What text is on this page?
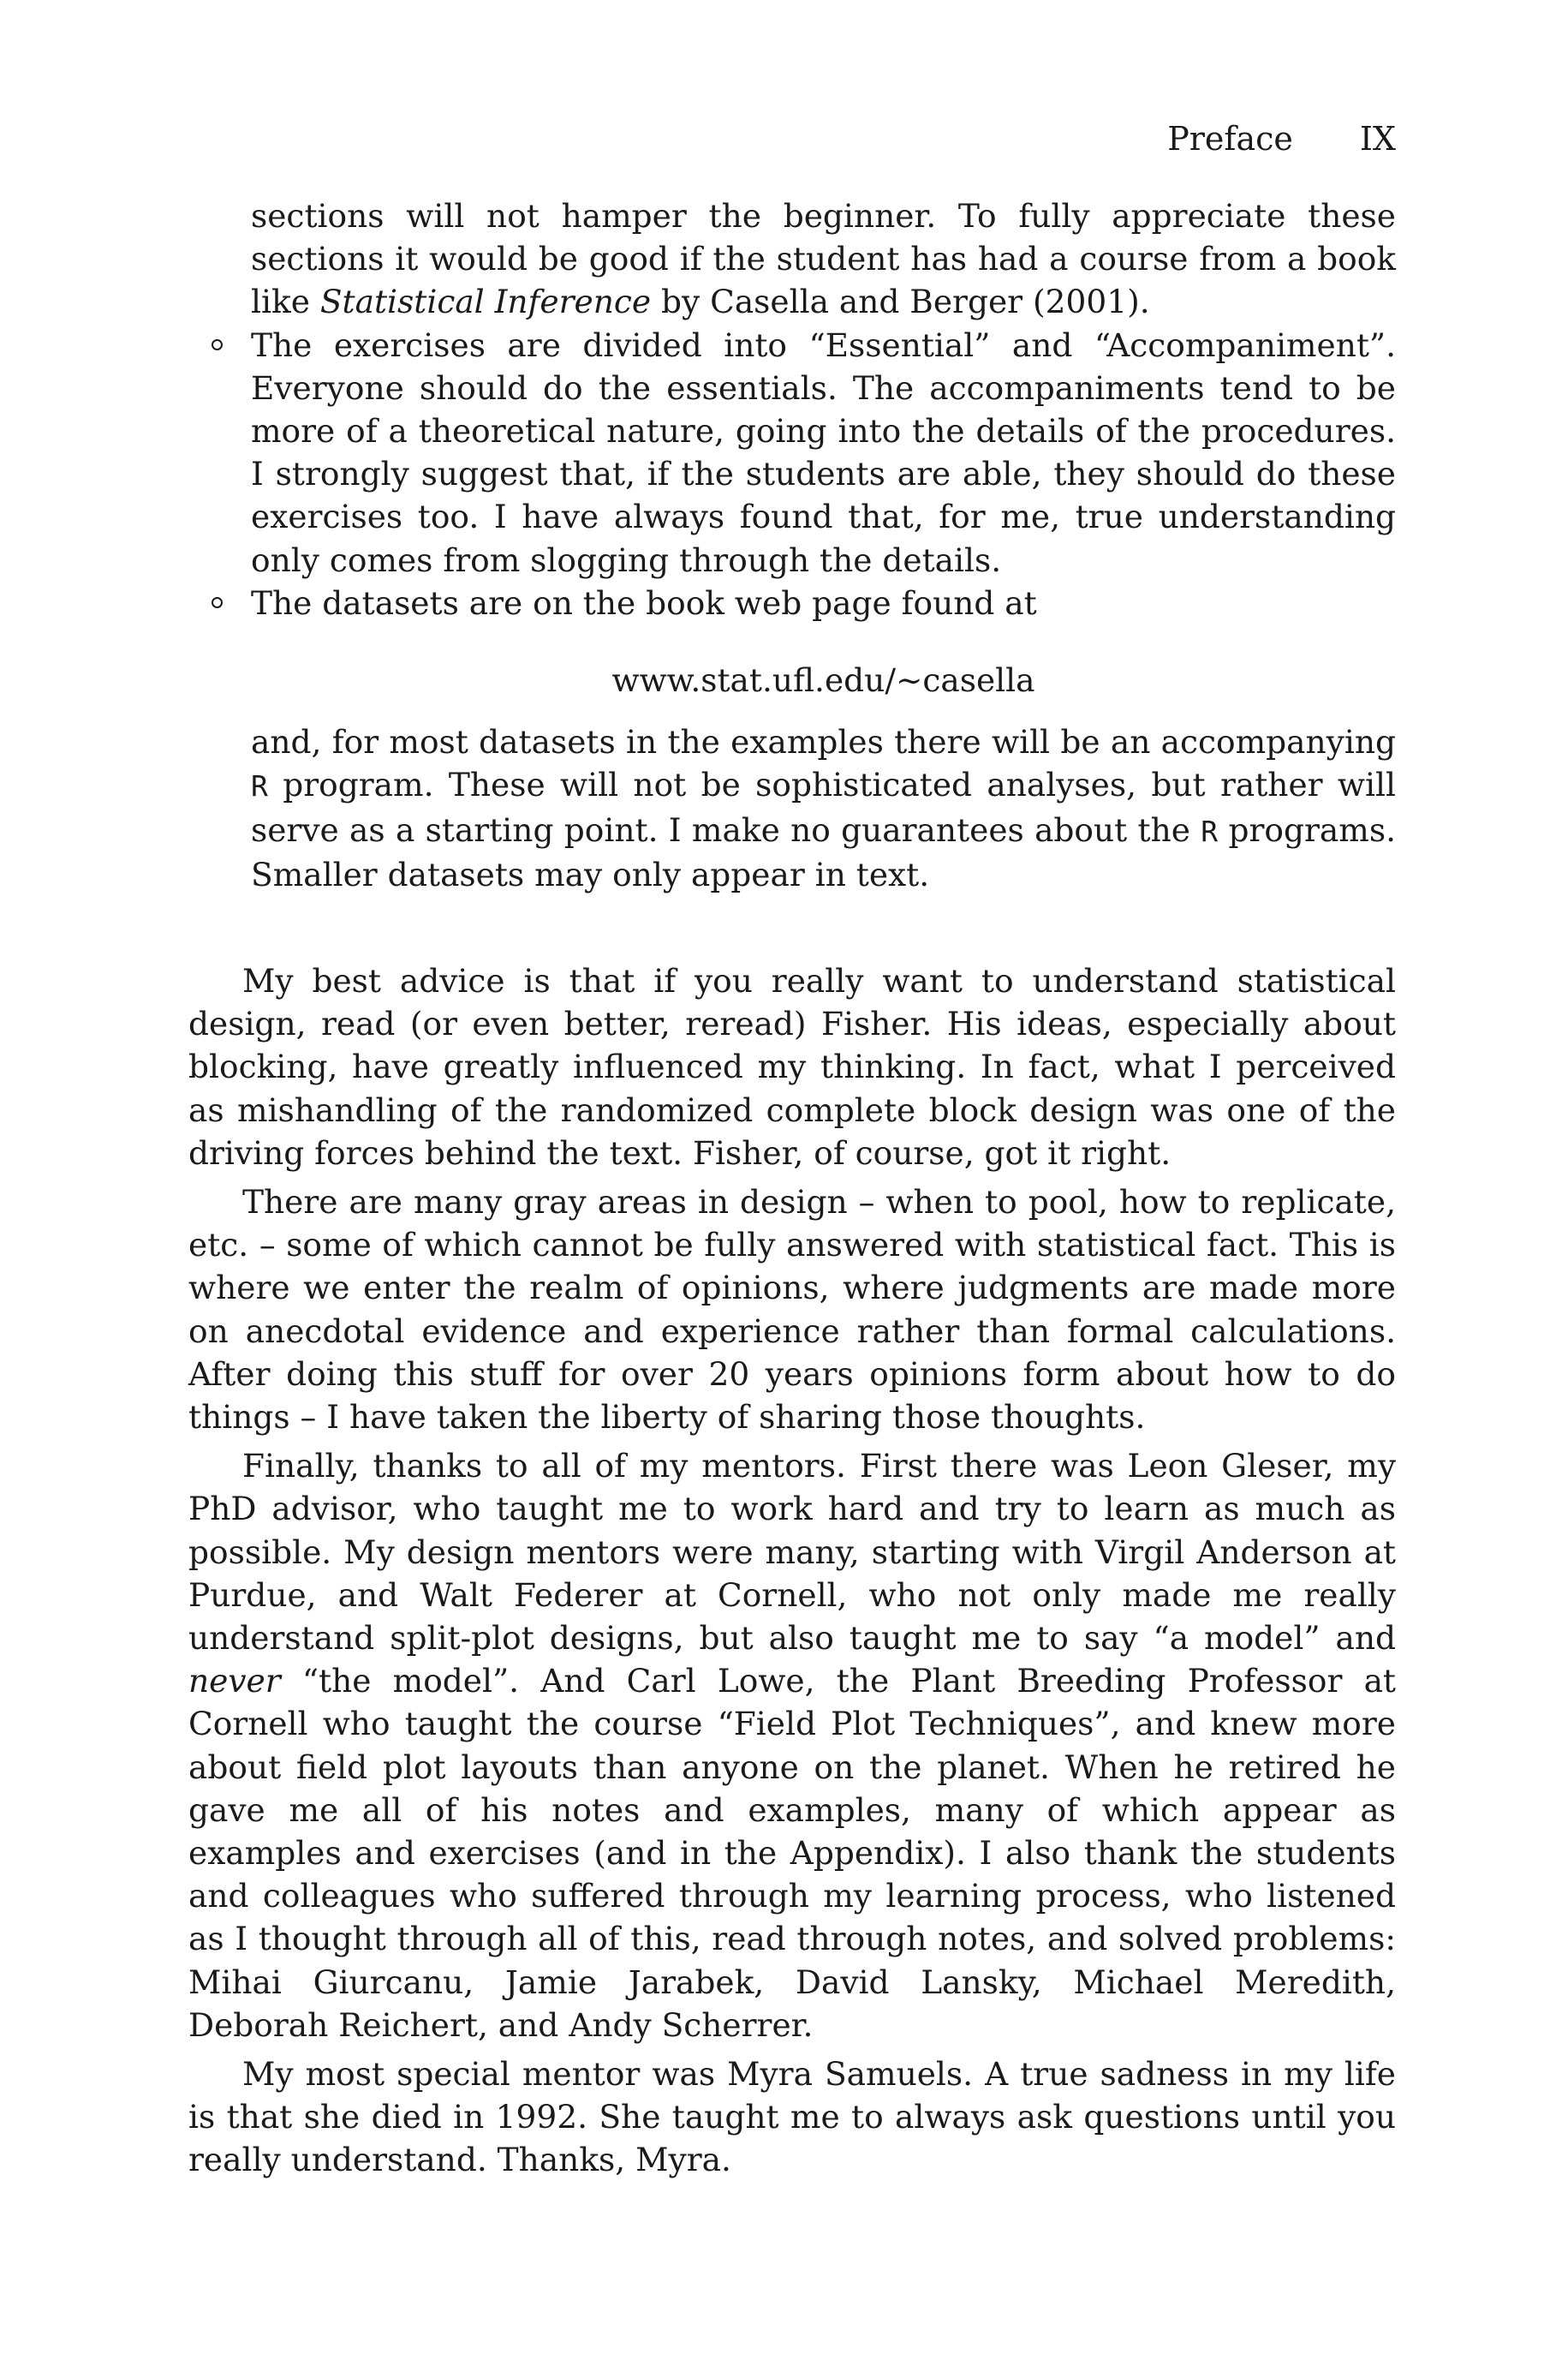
Preface IX

sections will not hamper the beginner. To fully appreciate these sections it would be good if the student has had a course from a book like Statistical Inference by Casella and Berger (2001).

The exercises are divided into “Essential” and “Accompaniment”. Everyone should do the essentials. The accompaniments tend to be more of a theoretical nature, going into the details of the procedures. I strongly suggest that, if the students are able, they should do these exercises too. I have always found that, for me, true understanding only comes from slogging through the details.

The datasets are on the book web page found at

www.stat.ufl.edu/∼casella

and, for most datasets in the examples there will be an accompanying R program. These will not be sophisticated analyses, but rather will serve as a starting point. I make no guarantees about the R programs. Smaller datasets may only appear in text.

My best advice is that if you really want to understand statistical design, read (or even better, reread) Fisher. His ideas, especially about blocking, have greatly influenced my thinking. In fact, what I perceived as mishandling of the randomized complete block design was one of the driving forces behind the text. Fisher, of course, got it right.

There are many gray areas in design – when to pool, how to replicate, etc. – some of which cannot be fully answered with statistical fact. This is where we enter the realm of opinions, where judgments are made more on anecdotal evidence and experience rather than formal calculations. After doing this stuff for over 20 years opinions form about how to do things – I have taken the liberty of sharing those thoughts.

Finally, thanks to all of my mentors. First there was Leon Gleser, my PhD advisor, who taught me to work hard and try to learn as much as possible. My design mentors were many, starting with Virgil Anderson at Purdue, and Walt Federer at Cornell, who not only made me really understand split-plot designs, but also taught me to say “a model” and never “the model”. And Carl Lowe, the Plant Breeding Professor at Cornell who taught the course “Field Plot Techniques”, and knew more about field plot layouts than anyone on the planet. When he retired he gave me all of his notes and examples, many of which appear as examples and exercises (and in the Appendix). I also thank the students and colleagues who suffered through my learning process, who listened as I thought through all of this, read through notes, and solved problems: Mihai Giurcanu, Jamie Jarabek, David Lansky, Michael Meredith, Deborah Reichert, and Andy Scherrer.

My most special mentor was Myra Samuels. A true sadness in my life is that she died in 1992. She taught me to always ask questions until you really understand. Thanks, Myra.
